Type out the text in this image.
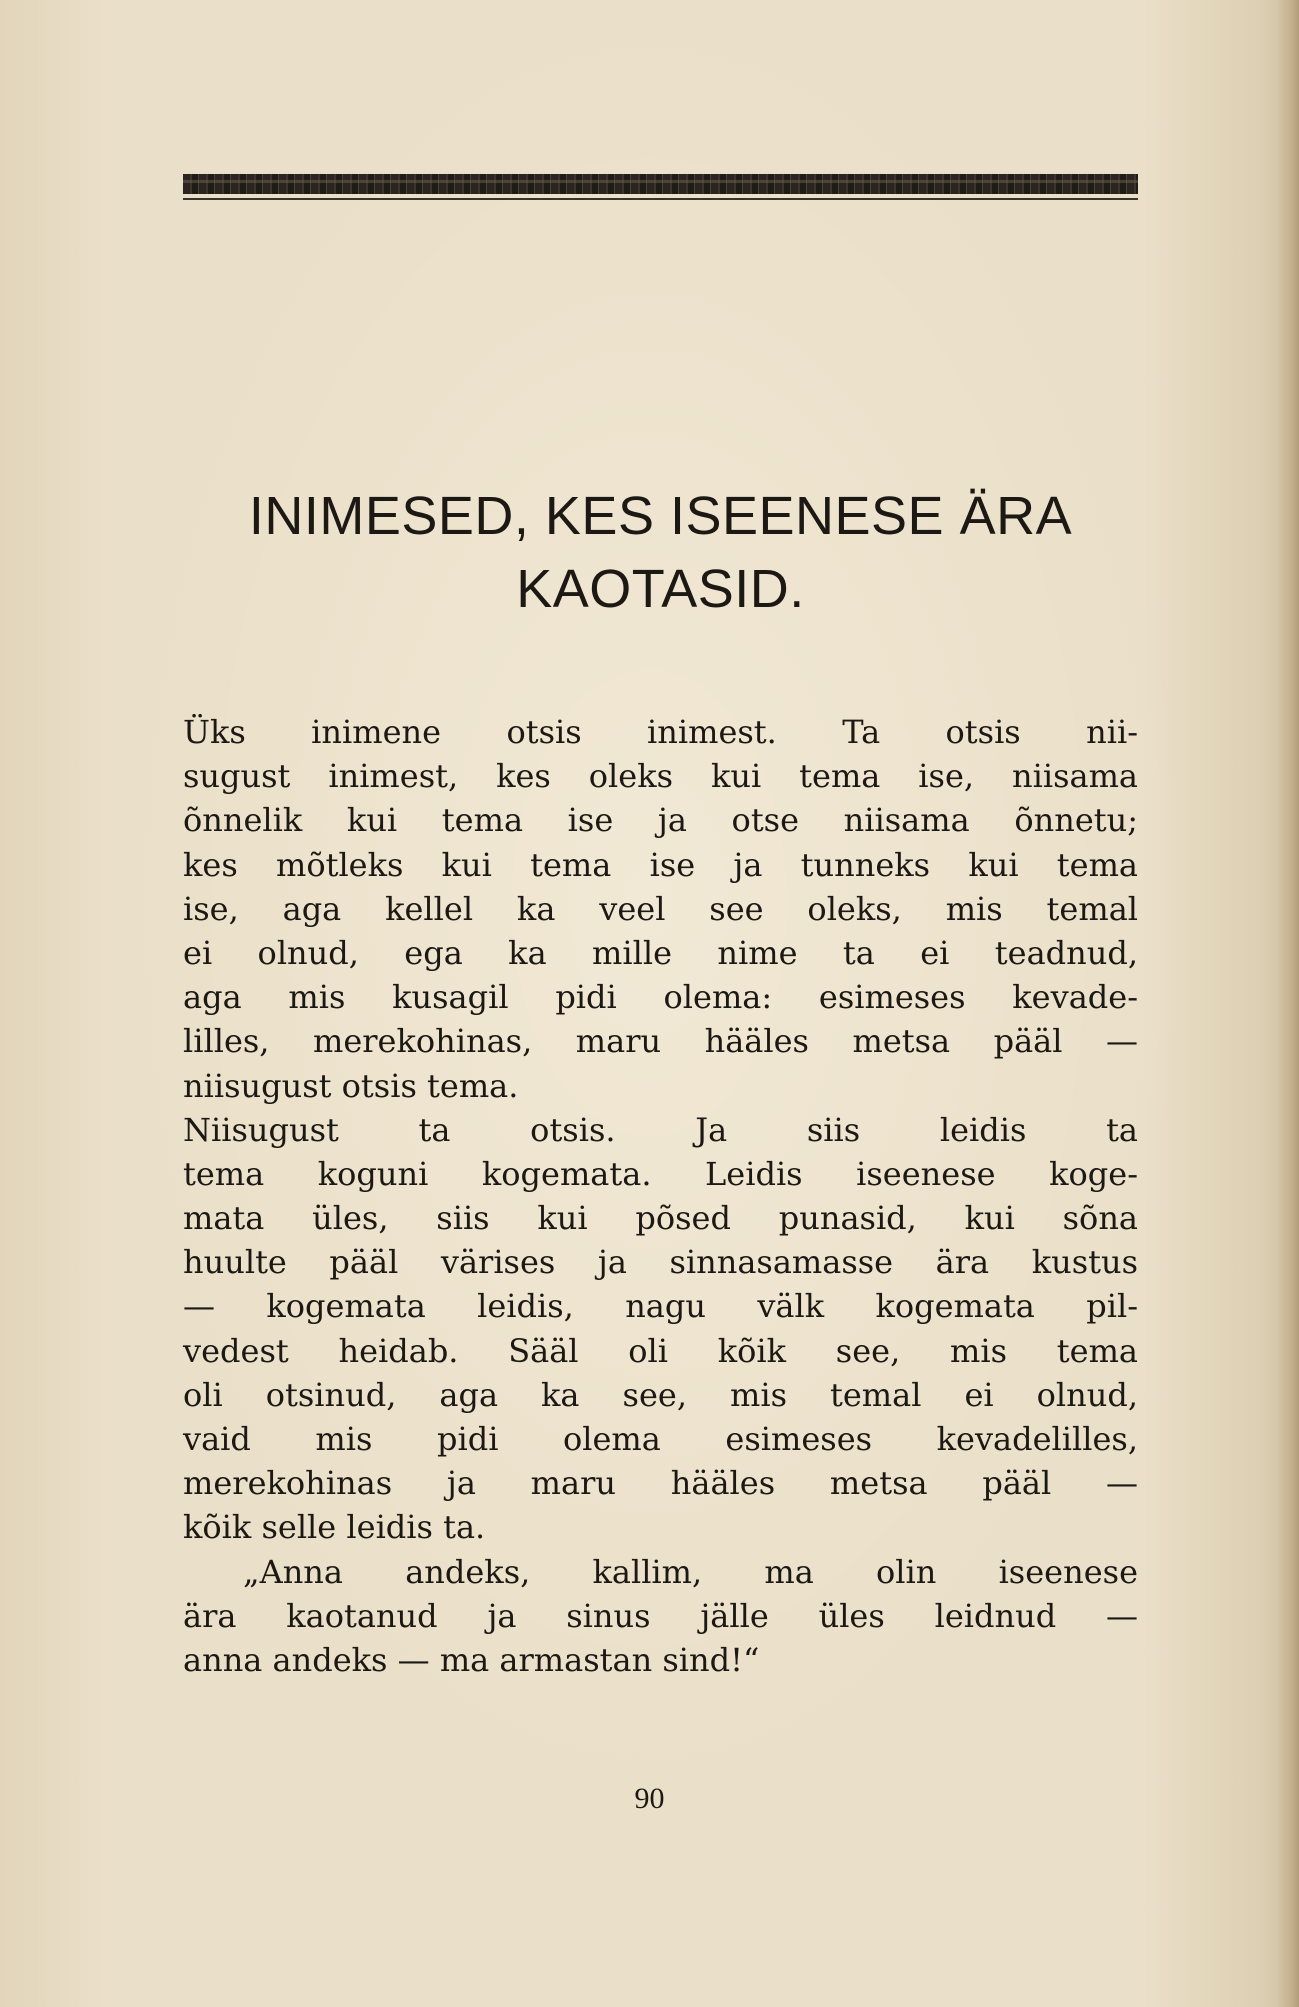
INIMESED, KES ISEENESE ÄRA
KAOTASID.
Üks inimene otsis inimest. Ta otsis nii-
sugust inimest, kes oleks kui tema ise, niisama
õnnelik kui tema ise ja otse niisama õnnetu;
kes mõtleks kui tema ise ja tunneks kui tema
ise, aga kellel ka veel see oleks, mis temal
ei olnud, ega ka mille nime ta ei teadnud,
aga mis kusagil pidi olema: esimeses kevade-
lilles, merekohinas, maru hääles metsa pääl —
niisugust otsis tema.
Niisugust ta otsis. Ja siis leidis ta
tema koguni kogemata. Leidis iseenese koge-
mata üles, siis kui põsed punasid, kui sõna
huulte pääl värises ja sinnasamasse ära kustus
— kogemata leidis, nagu välk kogemata pil-
vedest heidab. Sääl oli kõik see, mis tema
oli otsinud, aga ka see, mis temal ei olnud,
vaid mis pidi olema esimeses kevadelilles,
merekohinas ja maru hääles metsa pääl —
kõik selle leidis ta.
„Anna andeks, kallim, ma olin iseenese
ära kaotanud ja sinus jälle üles leidnud —
anna andeks — ma armastan sind!“
90
